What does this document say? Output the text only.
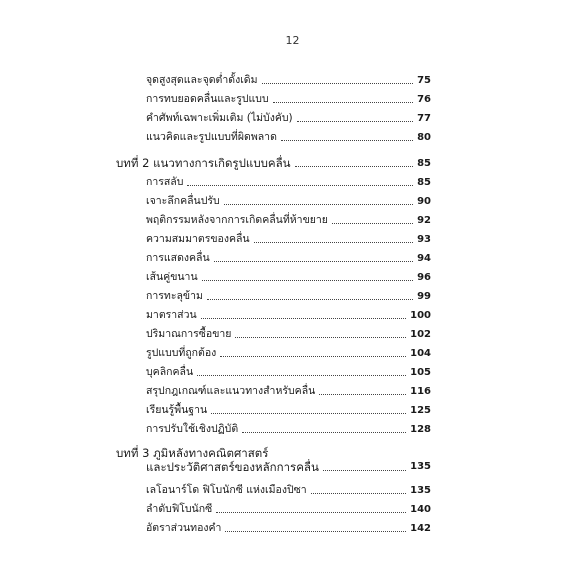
12
จุดสูงสุดและจุดต่ำดั้งเดิม	75
การทบยอดคลื่นและรูปแบบ	76
คำศัพท์เฉพาะเพิ่มเติม (ไม่บังคับ)	77
แนวคิดและรูปแบบที่ผิดพลาด	80
บทที่ 2 แนวทางการเกิดรูปแบบคลื่น	85
การสลับ	85
เจาะลึกคลื่นปรับ	90
พฤติกรรมหลังจากการเกิดคลื่นที่ห้าขยาย	92
ความสมมาตรของคลื่น	93
การแสดงคลื่น	94
เส้นคู่ขนาน	96
การทะลุข้าม	99
มาตราส่วน	100
ปริมาณการซื้อขาย	102
รูปแบบที่ถูกต้อง	104
บุคลิกคลื่น	105
สรุปกฎเกณฑ์และแนวทางสำหรับคลื่น	116
เรียนรู้พื้นฐาน	125
การปรับใช้เชิงปฏิบัติ	128
บทที่ 3 ภูมิหลังทางคณิตศาสตร์
และประวัติศาสตร์ของหลักการคลื่น	135
เลโอนาร์โด ฟิโบนักซี แห่งเมืองปิซา	135
ลำดับฟิโบนักซี	140
อัตราส่วนทองคำ	142
